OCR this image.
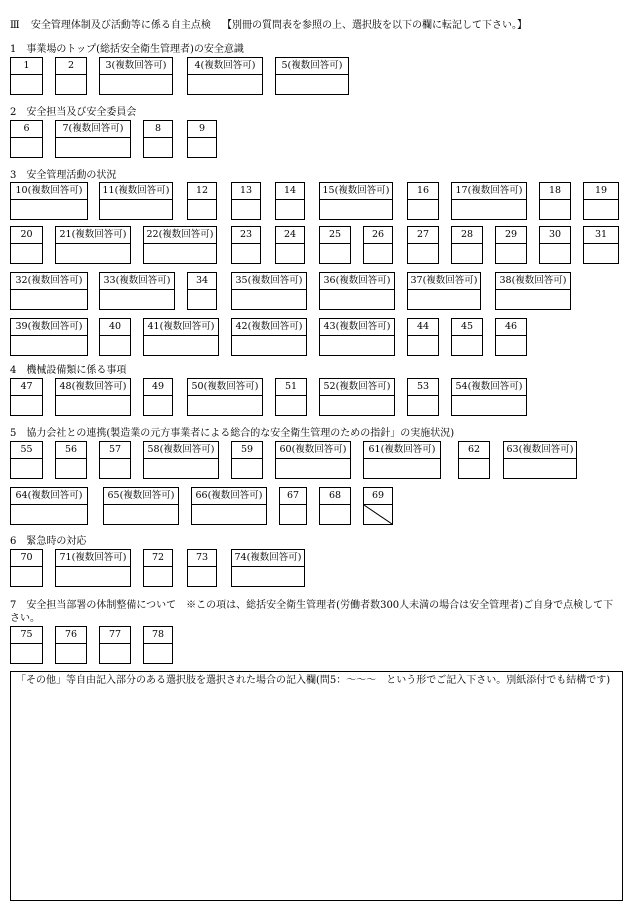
Ⅲ 安全管理体制及び活動等に係る自主点検 【別冊の質問表を参照の上、選択肢を以下の欄に転記して下さい。】
1　 事業場のトップ(総括安全衛生管理者)の安全意識
2　 安全担当及び安全委員会
3　 安全管理活動の状況
4　 機械設備類に係る事項
5　 協力会社との連携(製造業の元方事業者による総合的な安全衛生管理のための指針」の実施状況)
6　 緊急時の対応
7　 安全担当部署の体制整備について　※この項は、総括安全衛生管理者(労働者数300人未満の場合は安全管理者)ご自身で点検して下
さい。
1	2	3(複数回答可)	4(複数回答可)	5(複数回答可)
6	7(複数回答可)	8	9
10(複数回答可)	11(複数回答可)	12	13	14	15(複数回答可)	16	17(複数回答可)	18	19
20	21(複数回答可)	22(複数回答可)	23	24	25	26	27	28	29	30	31
32(複数回答可)	33(複数回答可)	34	35(複数回答可)	36(複数回答可)	37(複数回答可)	38(複数回答可)
39(複数回答可)	40	41(複数回答可)	42(複数回答可)	43(複数回答可)	44	45	46
47	48(複数回答可)	49	50(複数回答可)	51	52(複数回答可)	53	54(複数回答可)
55	56	57	58(複数回答可)	59	60(複数回答可)	61(複数回答可)	62	63(複数回答可)
64(複数回答可)	65(複数回答可)	66(複数回答可)	67	68	69
70	71(複数回答可)	72	73	74(複数回答可)
75	76	77	78
「その他」等自由記入部分のある選択肢を選択された場合の記入欄(問5：～～～　という形でご記入下さい。別紙添付でも結構です)
